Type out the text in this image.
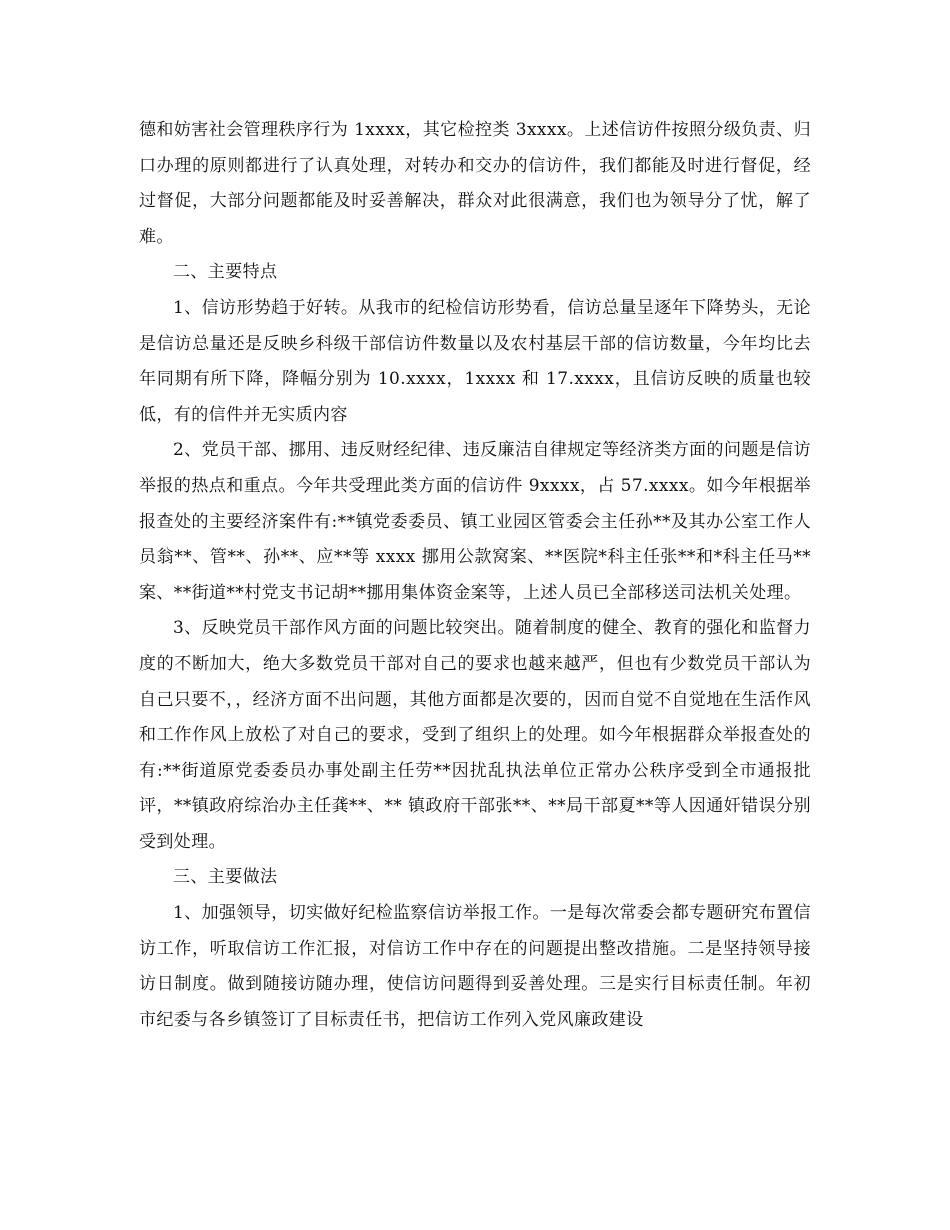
德和妨害社会管理秩序行为 1xxxx，其它检控类 3xxxx。上述信访件按照分级负责、归口办理的原则都进行了认真处理，对转办和交办的信访件，我们都能及时进行督促，经过督促，大部分问题都能及时妥善解决，群众对此很满意，我们也为领导分了忧，解了难。

二、主要特点

1、信访形势趋于好转。从我市的纪检信访形势看，信访总量呈逐年下降势头，无论是信访总量还是反映乡科级干部信访件数量以及农村基层干部的信访数量，今年均比去年同期有所下降，降幅分别为 10.xxxx，1xxxx 和 17.xxxx，且信访反映的质量也较低，有的信件并无实质内容

2、党员干部、挪用、违反财经纪律、违反廉洁自律规定等经济类方面的问题是信访举报的热点和重点。今年共受理此类方面的信访件 9xxxx，占 57.xxxx。如今年根据举报查处的主要经济案件有:**镇党委委员、镇工业园区管委会主任孙**及其办公室工作人员翁**、管**、孙**、应**等 xxxx 挪用公款窝案、**医院*科主任张**和*科主任马**案、**街道**村党支书记胡**挪用集体资金案等，上述人员已全部移送司法机关处理。

3、反映党员干部作风方面的问题比较突出。随着制度的健全、教育的强化和监督力度的不断加大，绝大多数党员干部对自己的要求也越来越严，但也有少数党员干部认为自己只要不，，经济方面不出问题，其他方面都是次要的，因而自觉不自觉地在生活作风和工作作风上放松了对自己的要求，受到了组织上的处理。如今年根据群众举报查处的有:**街道原党委委员办事处副主任劳**因扰乱执法单位正常办公秩序受到全市通报批评，**镇政府综治办主任龚**、** 镇政府干部张**、**局干部夏**等人因通奸错误分别受到处理。

三、主要做法

1、加强领导，切实做好纪检监察信访举报工作。一是每次常委会都专题研究布置信访工作，听取信访工作汇报，对信访工作中存在的问题提出整改措施。二是坚持领导接访日制度。做到随接访随办理，使信访问题得到妥善处理。三是实行目标责任制。年初市纪委与各乡镇签订了目标责任书，把信访工作列入党风廉政建设
